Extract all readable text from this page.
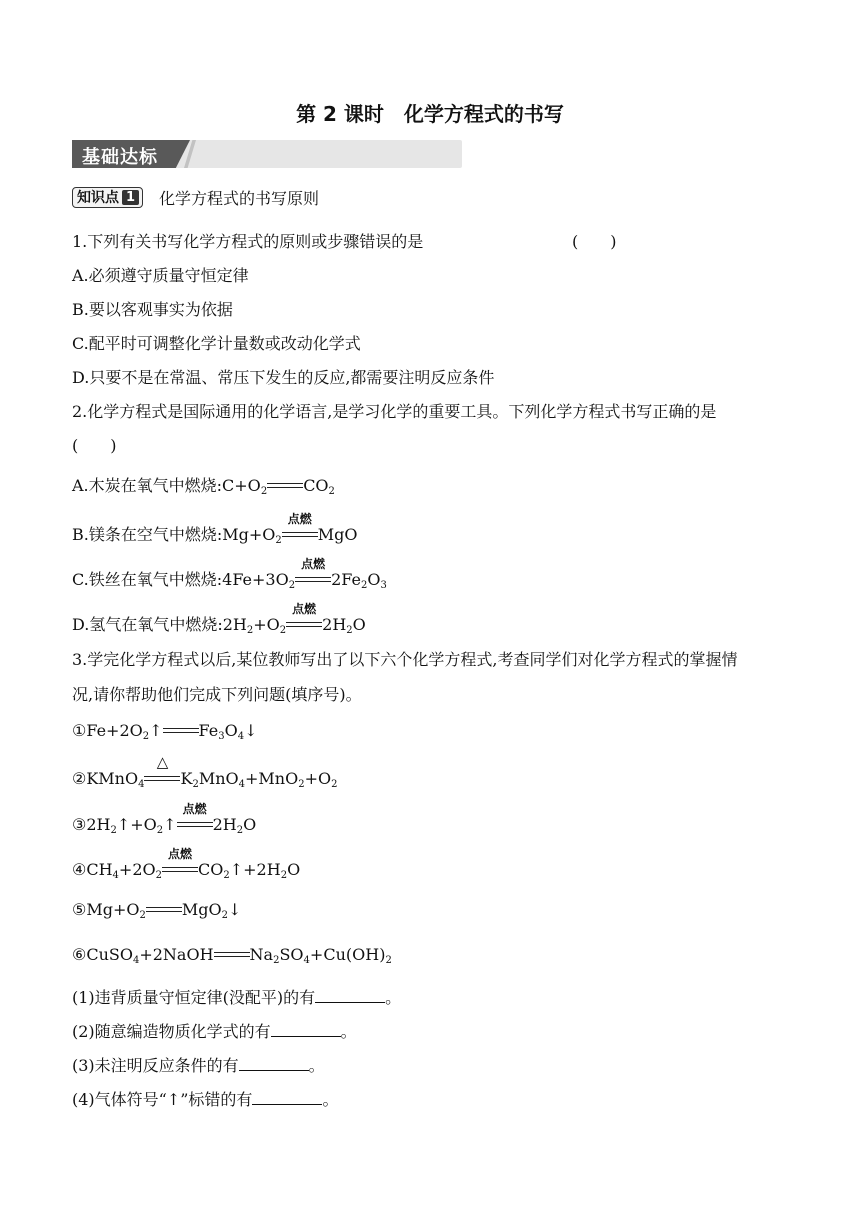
第 2 课时　化学方程式的书写
基础达标
知识点 1 化学方程式的书写原则
1.下列有关书写化学方程式的原则或步骤错误的是	(　　)
A.必须遵守质量守恒定律
B.要以客观事实为依据
C.配平时可调整化学计量数或改动化学式
D.只要不是在常温、常压下发生的反应,都需要注明反应条件
2.化学方程式是国际通用的化学语言,是学习化学的重要工具。下列化学方程式书写正确的是
(　　)
A.木炭在氧气中燃烧$:C+O_2$ $CO_2$
B.镁条在空气中燃烧$:Mg+O_2$
点燃
MgO
C.铁丝在氧气中燃烧$:4Fe+3O_2$
点燃
$2Fe_2O_3$
D.氢气在氧气中燃烧$:2H_2+O_2$
点燃
$2H_2O$
3.学完化学方程式以后,某位教师写出了以下六个化学方程式,考查同学们对化学方程式的掌握情
况,请你帮助他们完成下列问题(填序号)。
$①Fe+2O_2↑$ $Fe_3O_4↓$
②KMnO$_4$
△
$K_2MnO_4+MnO_2+O_2$
$③2H_2↑+O_2↑$
点燃
$2H_2O$
$④CH_4+2O_2$
点燃
$CO_2↑+2H_2O$
$⑤Mg+O_2$ MgO$_2$↓
⑥CuSO$_4$+2NaOH $Na_2SO_4+Cu(OH)_2$
(1)违背质量守恒定律(没配平)的有	。
(2)随意编造物质化学式的有	。
(3)未注明反应条件的有	。
(4)气体符号“↑”标错的有	。
